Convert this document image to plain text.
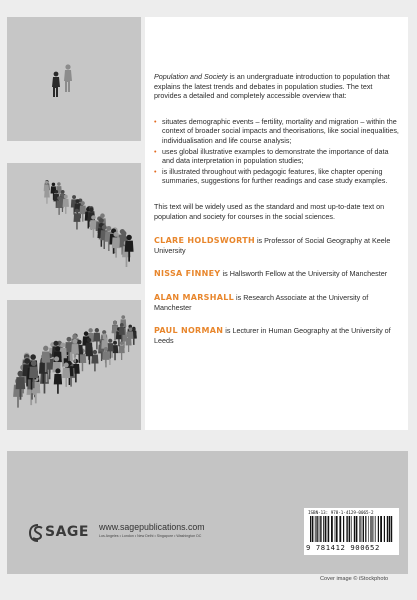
Population and Society is an undergraduate introduction to population that explains the latest trends and debates in population studies. The text provides a detailed and completely accessible overview that:

• situates demographic events – fertility, mortality and migration – within the context of broader social impacts and theorisations, like social inequalities, individualisation and life course analysis;
• uses global illustrative examples to demonstrate the importance of data and data interpretation in population studies;
• is illustrated throughout with pedagogic features, like chapter opening summaries, suggestions for further readings and case study examples.

This text will be widely used as the standard and most up-to-date text on population and society for courses in the social sciences.

CLARE HOLDSWORTH is Professor of Social Geography at Keele University

NISSA FINNEY is Hallsworth Fellow at the University of Manchester

ALAN MARSHALL is Research Associate at the University of Manchester

PAUL NORMAN is Lecturer in Human Geography at the University of Leeds

SAGE www.sagepublications.com
Los Angeles • London • New Delhi • Singapore • Washington DC
ISBN-13: 978-1-4129-0065-2
9 781412 900652
Cover image © iStockphoto
